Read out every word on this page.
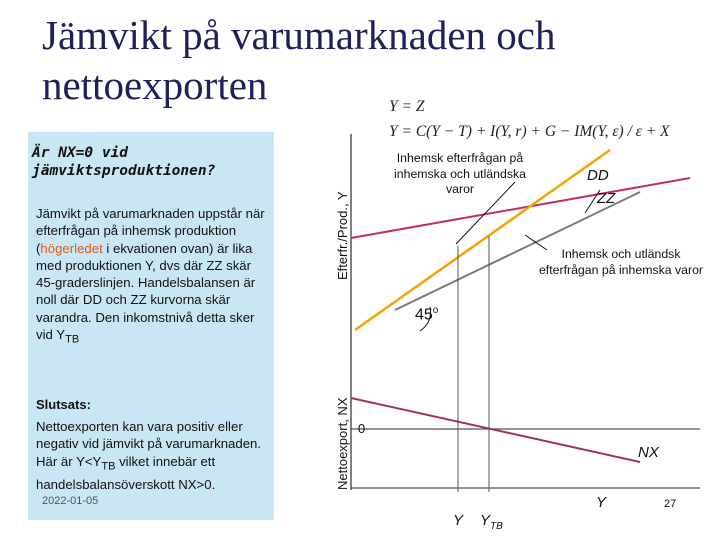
Jämvikt på varumarknaden och nettoexporten	Y = Z
Y = C(Y − T) + I(Y, r) + G − IM(Y, ε) / ε + X
Är NX=0 vid jämviktsproduktionen?
Jämvikt på varumarknaden uppstår när efterfrågan på inhemsk produktion (högerledet i ekvationen ovan) är lika med produktionen Y, dvs där ZZ skär 45-graderslinjen. Handelsbalansen är noll där DD och ZZ kurvorna skär varandra. Den inkomstnivå detta sker vid $Y_{TB}$
Slutsats:
Nettoexporten kan vara positiv eller negativ vid jämvikt på varumarknaden. Här är $Y<Y_{TB}$ vilket innebär ett handelsbalansöverskott NX>0.
2022-01-05	27
Efterfr./Prod., Y
Nettoexport, NX
Inhemsk efterfrågan på inhemska och utländska varor
Inhemsk och utländsk efterfrågan på inhemska varor
DD
ZZ
45$^o$
0
NX
Y
Y $Y_{TB}$
